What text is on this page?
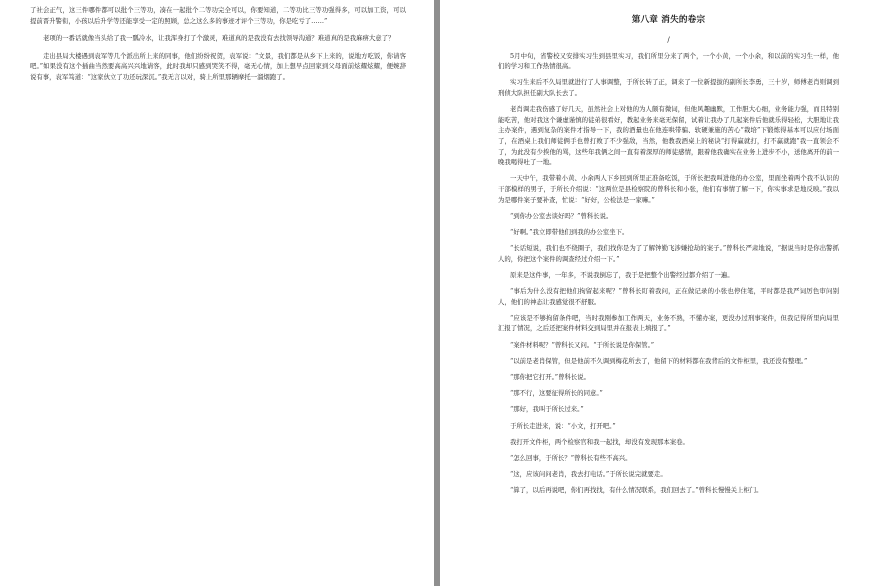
了社会正气，这三件哪件都可以批个三等功，凑在一起批个二等功完全可以，你要知道，二等功比三等功强得多，可以加工资，可以提前晋升警衔，小孩以后升学等还能享受一定的照顾，总之这么多的事迹才评个三等功，你是吃亏了……”

老项的一番话就像当头给了我一瓢冷水，让我浑身打了个激灵，难道真的是我没有去找领导沟通？难道真的是我麻痹大意了？

走出县局大楼遇到袁军等几个派出所上来的同事，他们纷纷祝贺，袁军说：“文景，我们都是从乡下上来的，说地方吃饭，你请客吧。”如果没有这个插曲当然要高高兴兴地请客，此时我却只感到哭笑不得，毫无心情，加上想早点回家到父母面前炫耀炫耀，便婉辞说有事，袁军笃道：“这家伙立了功还玩深沉。”我无言以对，骑上所里那辆摩托一溜烟跑了。

第八章 消失的卷宗

/

5月中旬，省警校又安排实习生到县里实习，我们所里分来了两个，一个小黄，一个小余，和以前的实习生一样，他们的学习和工作热情很高。

实习生来后不久局里就进行了人事调整，于所长转了正，调来了一位新提拔的副所长李勇，三十岁，师傅老肖则调到刑侦大队担任副大队长去了。

老肖调走我伤感了好几天，虽然社会上对他的为人颇有微词，但他风趣幽默，工作胆大心细，业务能力强，而且特别能吃苦，他对我这个谦虚谨慎的徒弟很看好，教起业务来毫无保留，试着让我办了几起案件后他就乐得轻松，大胆地让我主办案件，遇到复杂的案件才指导一下，我的酒量也在他连哄带骗、软硬兼施的苦心“栽培”下锻炼得基本可以应付场面了，在酒桌上我们师徒俩手也曾打败了不少强敌，当然，他教我酒桌上的秘诀“打得赢就打，打不赢就跑”我一直领会不了，为此没有少挨他的骂，这些年我俩之间一直有着深厚的师徒感情，跟着他我确实在业务上进步不小，送他离开的前一晚我喝得吐了一地。

一天中午，我带着小黄、小余两人下乡回到所里正准备吃饭，于所长把我叫进他的办公室，里面坐着两个我不认识的干部模样的男子，于所长介绍说：“这两位是县检察院的曾科长和小张，他们有事情了解一下，你实事求是地反映。”我以为是哪件案子要补查，忙说：“好好，公检法是一家嘛。”

“到你办公室去谈好吗？”曾科长说。

“好啊。”我立即带他们到我的办公室坐下。

“长话短说，我们也不绕圈子，我们找你是为了了解钟勤飞涉嫌抢劫的案子。”曾科长严肃地说，“据说当时是你出警抓人的，你把这个案件的调查经过介绍一下。”

原来是这件事，一年多，不说我倒忘了，我于是把整个出警经过都介绍了一遍。

“事后为什么没有把他们拘留起来呢？”曾科长盯着我问，正在做记录的小张也停住笔，平时都是我严词厉色审问别人，他们的神态让我感觉很不舒服。

“应该是不够拘留条件吧，当时我刚参加工作两天，业务不熟，不懂办案，更没办过刑事案件，但我记得所里向局里汇报了情况，之后还把案件材料交到局里并在报表上填报了。”

“案件材料呢？”曾科长又问。“于所长说是你保管。”

“以前是老肖保管，但是他前不久调到梅花所去了，他留下的材料都在我背后的文件柜里，我还没有整理。”

“那你把它打开。”曾科长说。

“那不行，这要征得所长的同意。”

“那好，我叫于所长过来。”

于所长走进来，说：“小文，打开吧。”

我打开文件柜，两个检察官和我一起找，却没有发现那本案卷。

“怎么回事，于所长？”曾科长有些不高兴。

“这，应该问问老肖，我去打电话。”于所长说完就要走。

“算了，以后再说吧，你们再找找，有什么情况联系，我们回去了。”曾科长慢慢关上柜门。
